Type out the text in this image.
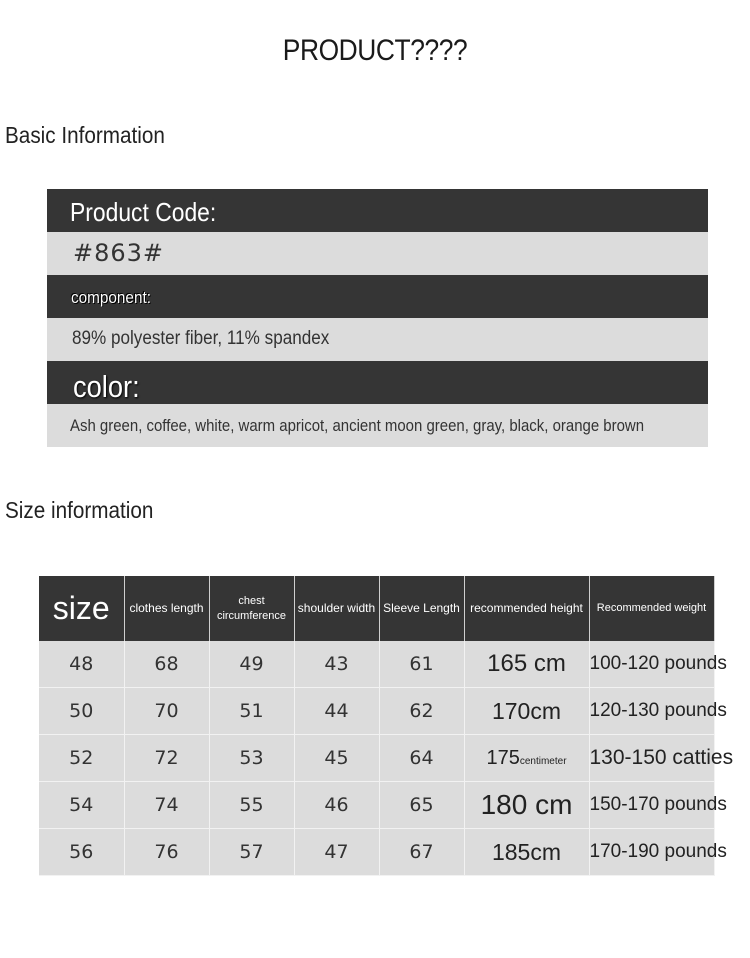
PRODUCT????
Basic Information
Product Code:
#863#
component:
89% polyester fiber, 11% spandex
color:
Ash green, coffee, white, warm apricot, ancient moon green, gray, black, orange brown
Size information
size	clothes length	chest circumference	shoulder width	Sleeve Length	recommended height	Recommended weight
48	68	49	43	61	165 cm	100-120 pounds
50	70	51	44	62	170cm	120-130 pounds
52	72	53	45	64	175centimeter	130-150 catties
54	74	55	46	65	180 cm	150-170 pounds
56	76	57	47	67	185cm	170-190 pounds
